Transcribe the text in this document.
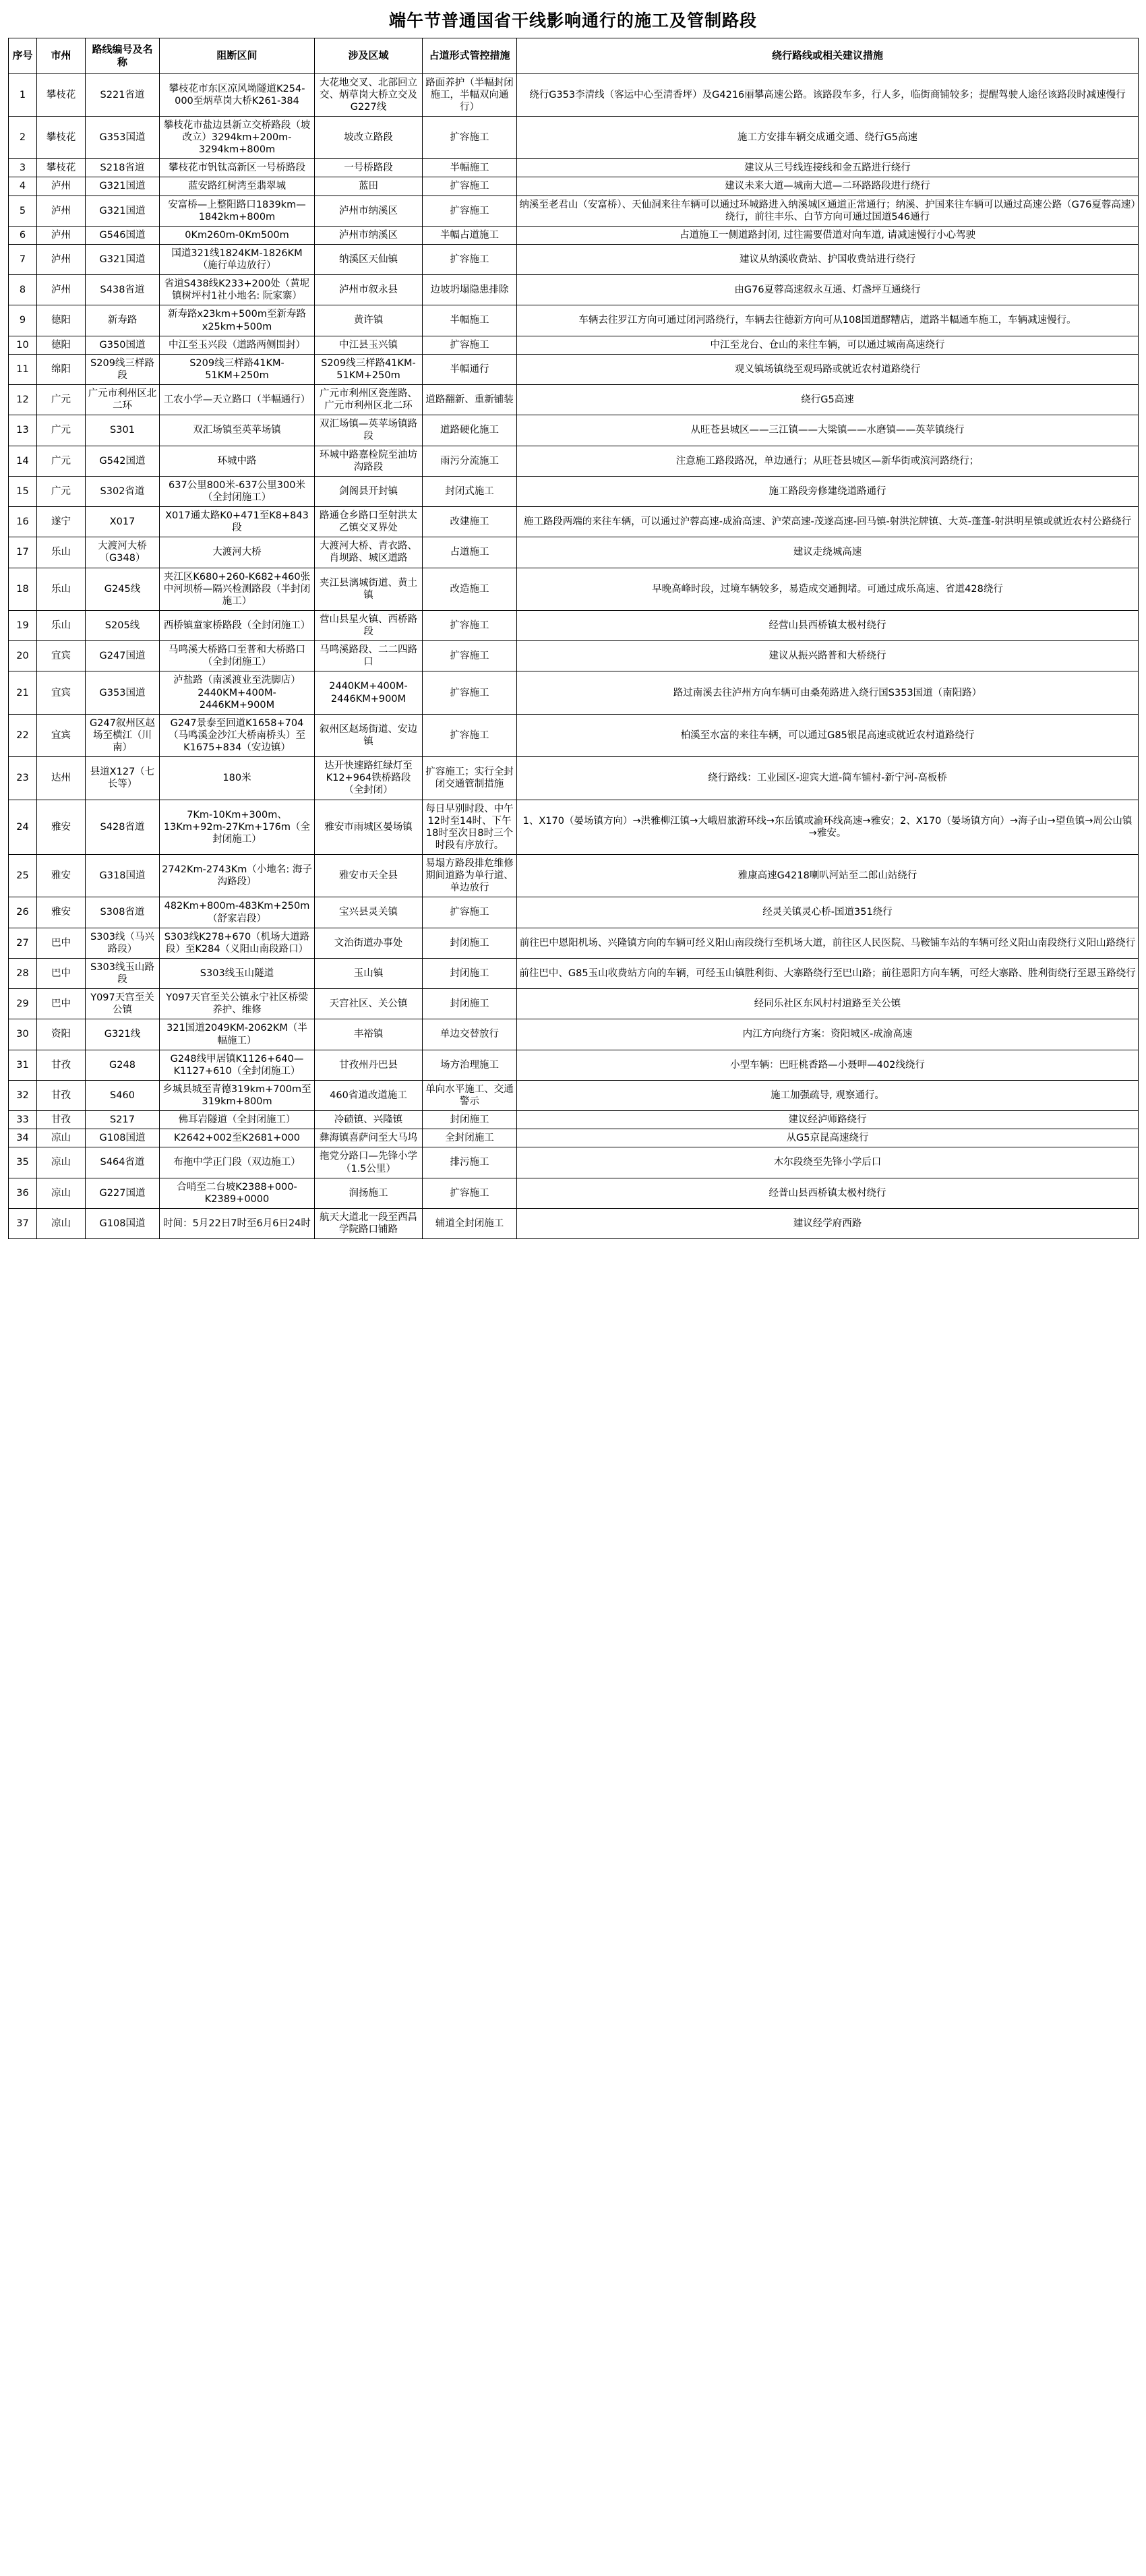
端午节普通国省干线影响通行的施工及管制路段
序号	市州	路线编号及名称	阻断区间	涉及区域	占道形式管控措施	绕行路线或相关建议措施
1	攀枝花	S221省道	攀枝花市东区凉风坳隧道K254-000至炳草岗大桥K261-384	大花地交叉、北部回立交、炳草岗大桥立交及G227线	路面养护（半幅封闭施工，半幅双向通行）	绕行G353李清线（客运中心至清香坪）及G4216丽攀高速公路。该路段车多，行人多，临街商铺较多；提醒驾驶人途径该路段时减速慢行
2	攀枝花	G353国道	攀枝花市盐边县新立交桥路段（坡改立）3294km+200m-3294km+800m	坡改立路段	扩容施工	施工方安排车辆交成通交通、绕行G5高速
3	攀枝花	S218省道	攀枝花市钒钛高新区一号桥路段	一号桥路段	半幅施工	建议从三号线连接线和金五路进行绕行
4	泸州	G321国道	蓝安路红树湾至翡翠城	蓝田	扩容施工	建议未来大道—城南大道—二环路路段进行绕行
5	泸州	G321国道	安富桥—上整阳路口1839km—1842km+800m	泸州市纳溪区	扩容施工	纳溪至老君山（安富桥）、天仙洞来往车辆可以通过环城路进入纳溪城区通道正常通行；纳溪、护国来往车辆可以通过高速公路（G76夏蓉高速）绕行，前往丰乐、白节方向可通过国道546通行
6	泸州	G546国道	0Km260m-0Km500m	泸州市纳溪区	半幅占道施工	占道施工一侧道路封闭, 过往需要借道对向车道, 请减速慢行小心驾驶
7	泸州	G321国道	国道321线1824KM-1826KM（施行单边放行）	纳溪区天仙镇	扩容施工	建议从纳溪收费站、护国收费站进行绕行
8	泸州	S438省道	省道S438线K233+200处（黄坭镇树坪村1社小地名: 阮家寨）	泸州市叙永县	边坡坍塌隐患排除	由G76夏蓉高速叙永互通、灯盏坪互通绕行
9	德阳	新寿路	新寿路x23km+500m至新寿路x25km+500m	黄许镇	半幅施工	车辆去往罗江方向可通过闭河路绕行，车辆去往德新方向可从108国道醪糟店，道路半幅通车施工，车辆减速慢行。
10	德阳	G350国道	中江至玉兴段（道路两侧围封）	中江县玉兴镇	扩容施工	中江至龙台、仓山的来往车辆，可以通过城南高速绕行
11	绵阳	S209线三样路段	S209线三样路41KM-51KM+250m	S209线三样路41KM-51KM+250m	半幅通行	观义镇场镇绕至观玛路或就近农村道路绕行
12	广元	广元市利州区北二环	工农小学—天立路口（半幅通行）	广元市利州区瓷莲路、广元市利州区北二环	道路翻新、重新铺装	绕行G5高速
13	广元	S301	双汇场镇至英苹场镇	双汇场镇—英苹场镇路段	道路硬化施工	从旺苍县城区——三江镇——大梁镇——水磨镇——英苹镇绕行
14	广元	G542国道	环城中路	环城中路嘉检院至油坊沟路段	雨污分流施工	注意施工路段路况，单边通行；从旺苍县城区—新华街或滨河路绕行；
15	广元	S302省道	637公里800米-637公里300米（全封闭施工）	剑阁县开封镇	封闭式施工	施工路段旁修建绕道路通行
16	遂宁	X017	X017通太路K0+471至K8+843段	路通仓乡路口至射洪太乙镇交叉界处	改建施工	施工路段两端的来往车辆，可以通过沪蓉高速-成渝高速、沪荣高速-茂遂高速-回马镇-射洪沱牌镇、大英-蓬蓬-射洪明星镇或就近农村公路绕行
17	乐山	大渡河大桥（G348）	大渡河大桥	大渡河大桥、青衣路、肖坝路、城区道路	占道施工	建议走绕城高速
18	乐山	G245线	夹江区K680+260-K682+460张中河坝桥—隔兴检测路段（半封闭施工）	夹江县漓城街道、黄土镇	改造施工	早晚高峰时段，过境车辆较多，易造成交通拥堵。可通过成乐高速、省道428绕行
19	乐山	S205线	西桥镇童家桥路段（全封闭施工）	营山县星火镇、西桥路段	扩容施工	经营山县西桥镇太极村绕行
20	宜宾	G247国道	马鸣溪大桥路口至普和大桥路口（全封闭施工）	马鸣溪路段、二二四路口	扩容施工	建议从振兴路普和大桥绕行
21	宜宾	G353国道	泸盐路（南溪渡业至洗脚店）2440KM+400M-2446KM+900M	2440KM+400M-2446KM+900M	扩容施工	路过南溪去往泸州方向车辆可由桑苑路进入绕行国S353国道（南阳路）
22	宜宾	G247叙州区赵场至横江（川南）	G247景泰至回道K1658+704（马鸣溪金沙江大桥南桥头）至K1675+834（安边镇）	叙州区赵场街道、安边镇	扩容施工	柏溪至水富的来往车辆，可以通过G85银昆高速或就近农村道路绕行
23	达州	县道X127（七长等）	180米	达开快速路红绿灯至K12+964铁桥路段（全封闭）	扩容施工；实行全封闭交通管制措施	绕行路线：工业园区-迎宾大道-简车铺村-新宁河-高板桥
24	雅安	S428省道	7Km-10Km+300m、13Km+92m-27Km+176m（全封闭施工）	雅安市雨城区晏场镇	每日早别时段、中午12时至14时、下午18时至次日8时三个时段有序放行。	1、X170（晏场镇方向）→洪雅柳江镇→大峨眉旅游环线→东岳镇或渝环线高速→雅安；2、X170（晏场镇方向）→海子山→望鱼镇→周公山镇→雅安。
25	雅安	G318国道	2742Km-2743Km（小地名: 海子沟路段）	雅安市天全县	易塌方路段排危维修期间道路为单行道、单边放行	雅康高速G4218喇叭河站至二郎山站绕行
26	雅安	S308省道	482Km+800m-483Km+250m（舒家岩段）	宝兴县灵关镇	扩容施工	经灵关镇灵心桥-国道351绕行
27	巴中	S303线（马兴路段）	S303线K278+670（机场大道路段）至K284（义阳山南段路口）	文治街道办事处	封闭施工	前往巴中恩阳机场、兴隆镇方向的车辆可经义阳山南段绕行至机场大道，前往区人民医院、马鞍铺车站的车辆可经义阳山南段绕行义阳山路绕行
28	巴中	S303线玉山路段	S303线玉山隧道	玉山镇	封闭施工	前往巴中、G85玉山收费站方向的车辆，可经玉山镇胜利街、大寨路绕行至巴山路；前往恩阳方向车辆，可经大寨路、胜利街绕行至恩玉路绕行
29	巴中	Y097天宫至关公镇	Y097天官至关公镇永宁社区桥梁养护、维修	天宫社区、关公镇	封闭施工	经同乐社区东风村村道路至关公镇
30	资阳	G321线	321国道2049KM-2062KM（半幅施工）	丰裕镇	单边交替放行	内江方向绕行方案：资阳城区-成渝高速
31	甘孜	G248	G248线甲居镇K1126+640—K1127+610（全封闭施工）	甘孜州丹巴县	场方治理施工	小型车辆：巴旺桃香路—小聂呷—402线绕行
32	甘孜	S460	乡城县城至青德319km+700m至319km+800m	460省道改道施工	单向水平施工、交通警示	施工加强疏导, 观察通行。
33	甘孜	S217	佛耳岩隧道（全封闭施工）	冷碛镇、兴隆镇	封闭施工	建议经泸师路绕行
34	凉山	G108国道	K2642+002至K2681+000	彝海镇喜萨问至大马坞	全封闭施工	从G5京昆高速绕行
35	凉山	S464省道	布拖中学正门段（双边施工）	拖党分路口—先锋小学（1.5公里）	排污施工	木尔段绕至先锋小学后口
36	凉山	G227国道	合哨至二台坡K2388+000-K2389+0000	润扬施工	扩容施工	经普山县西桥镇太极村绕行
37	凉山	G108国道	时间：5月22日7时至6月6日24时	航天大道北一段至西昌学院路口铺路	辅道全封闭施工	建议经学府西路
